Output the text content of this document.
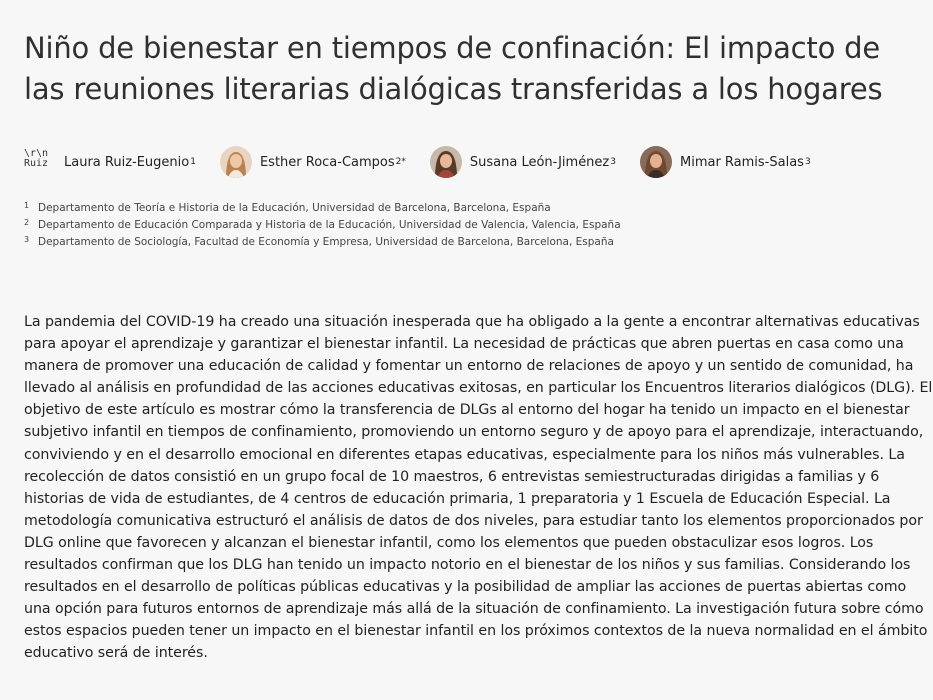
Niño de bienestar en tiempos de confinación: El impacto de las reuniones literarias dialógicas transferidas a los hogares
\r\n Ruiz	Laura Ruiz-Eugenio 1	Esther Roca-Campos 2*	Susana León-Jiménez 3	Mimar Ramis-Salas 3
1 Departamento de Teoría e Historia de la Educación, Universidad de Barcelona, Barcelona, España
2 Departamento de Educación Comparada y Historia de la Educación, Universidad de Valencia, Valencia, España
3 Departamento de Sociología, Facultad de Economía y Empresa, Universidad de Barcelona, Barcelona, España

La pandemia del COVID-19 ha creado una situación inesperada que ha obligado a la gente a encontrar alternativas educativas para apoyar el aprendizaje y garantizar el bienestar infantil. La necesidad de prácticas que abren puertas en casa como una manera de promover una educación de calidad y fomentar un entorno de relaciones de apoyo y un sentido de comunidad, ha llevado al análisis en profundidad de las acciones educativas exitosas, en particular los Encuentros literarios dialógicos (DLG). El objetivo de este artículo es mostrar cómo la transferencia de DLGs al entorno del hogar ha tenido un impacto en el bienestar subjetivo infantil en tiempos de confinamiento, promoviendo un entorno seguro y de apoyo para el aprendizaje, interactuando, conviviendo y en el desarrollo emocional en diferentes etapas educativas, especialmente para los niños más vulnerables. La recolección de datos consistió en un grupo focal de 10 maestros, 6 entrevistas semiestructuradas dirigidas a familias y 6 historias de vida de estudiantes, de 4 centros de educación primaria, 1 preparatoria y 1 Escuela de Educación Especial. La metodología comunicativa estructuró el análisis de datos de dos niveles, para estudiar tanto los elementos proporcionados por DLG online que favorecen y alcanzan el bienestar infantil, como los elementos que pueden obstaculizar esos logros. Los resultados confirman que los DLG han tenido un impacto notorio en el bienestar de los niños y sus familias. Considerando los resultados en el desarrollo de políticas públicas educativas y la posibilidad de ampliar las acciones de puertas abiertas como una opción para futuros entornos de aprendizaje más allá de la situación de confinamiento. La investigación futura sobre cómo estos espacios pueden tener un impacto en el bienestar infantil en los próximos contextos de la nueva normalidad en el ámbito educativo será de interés.
